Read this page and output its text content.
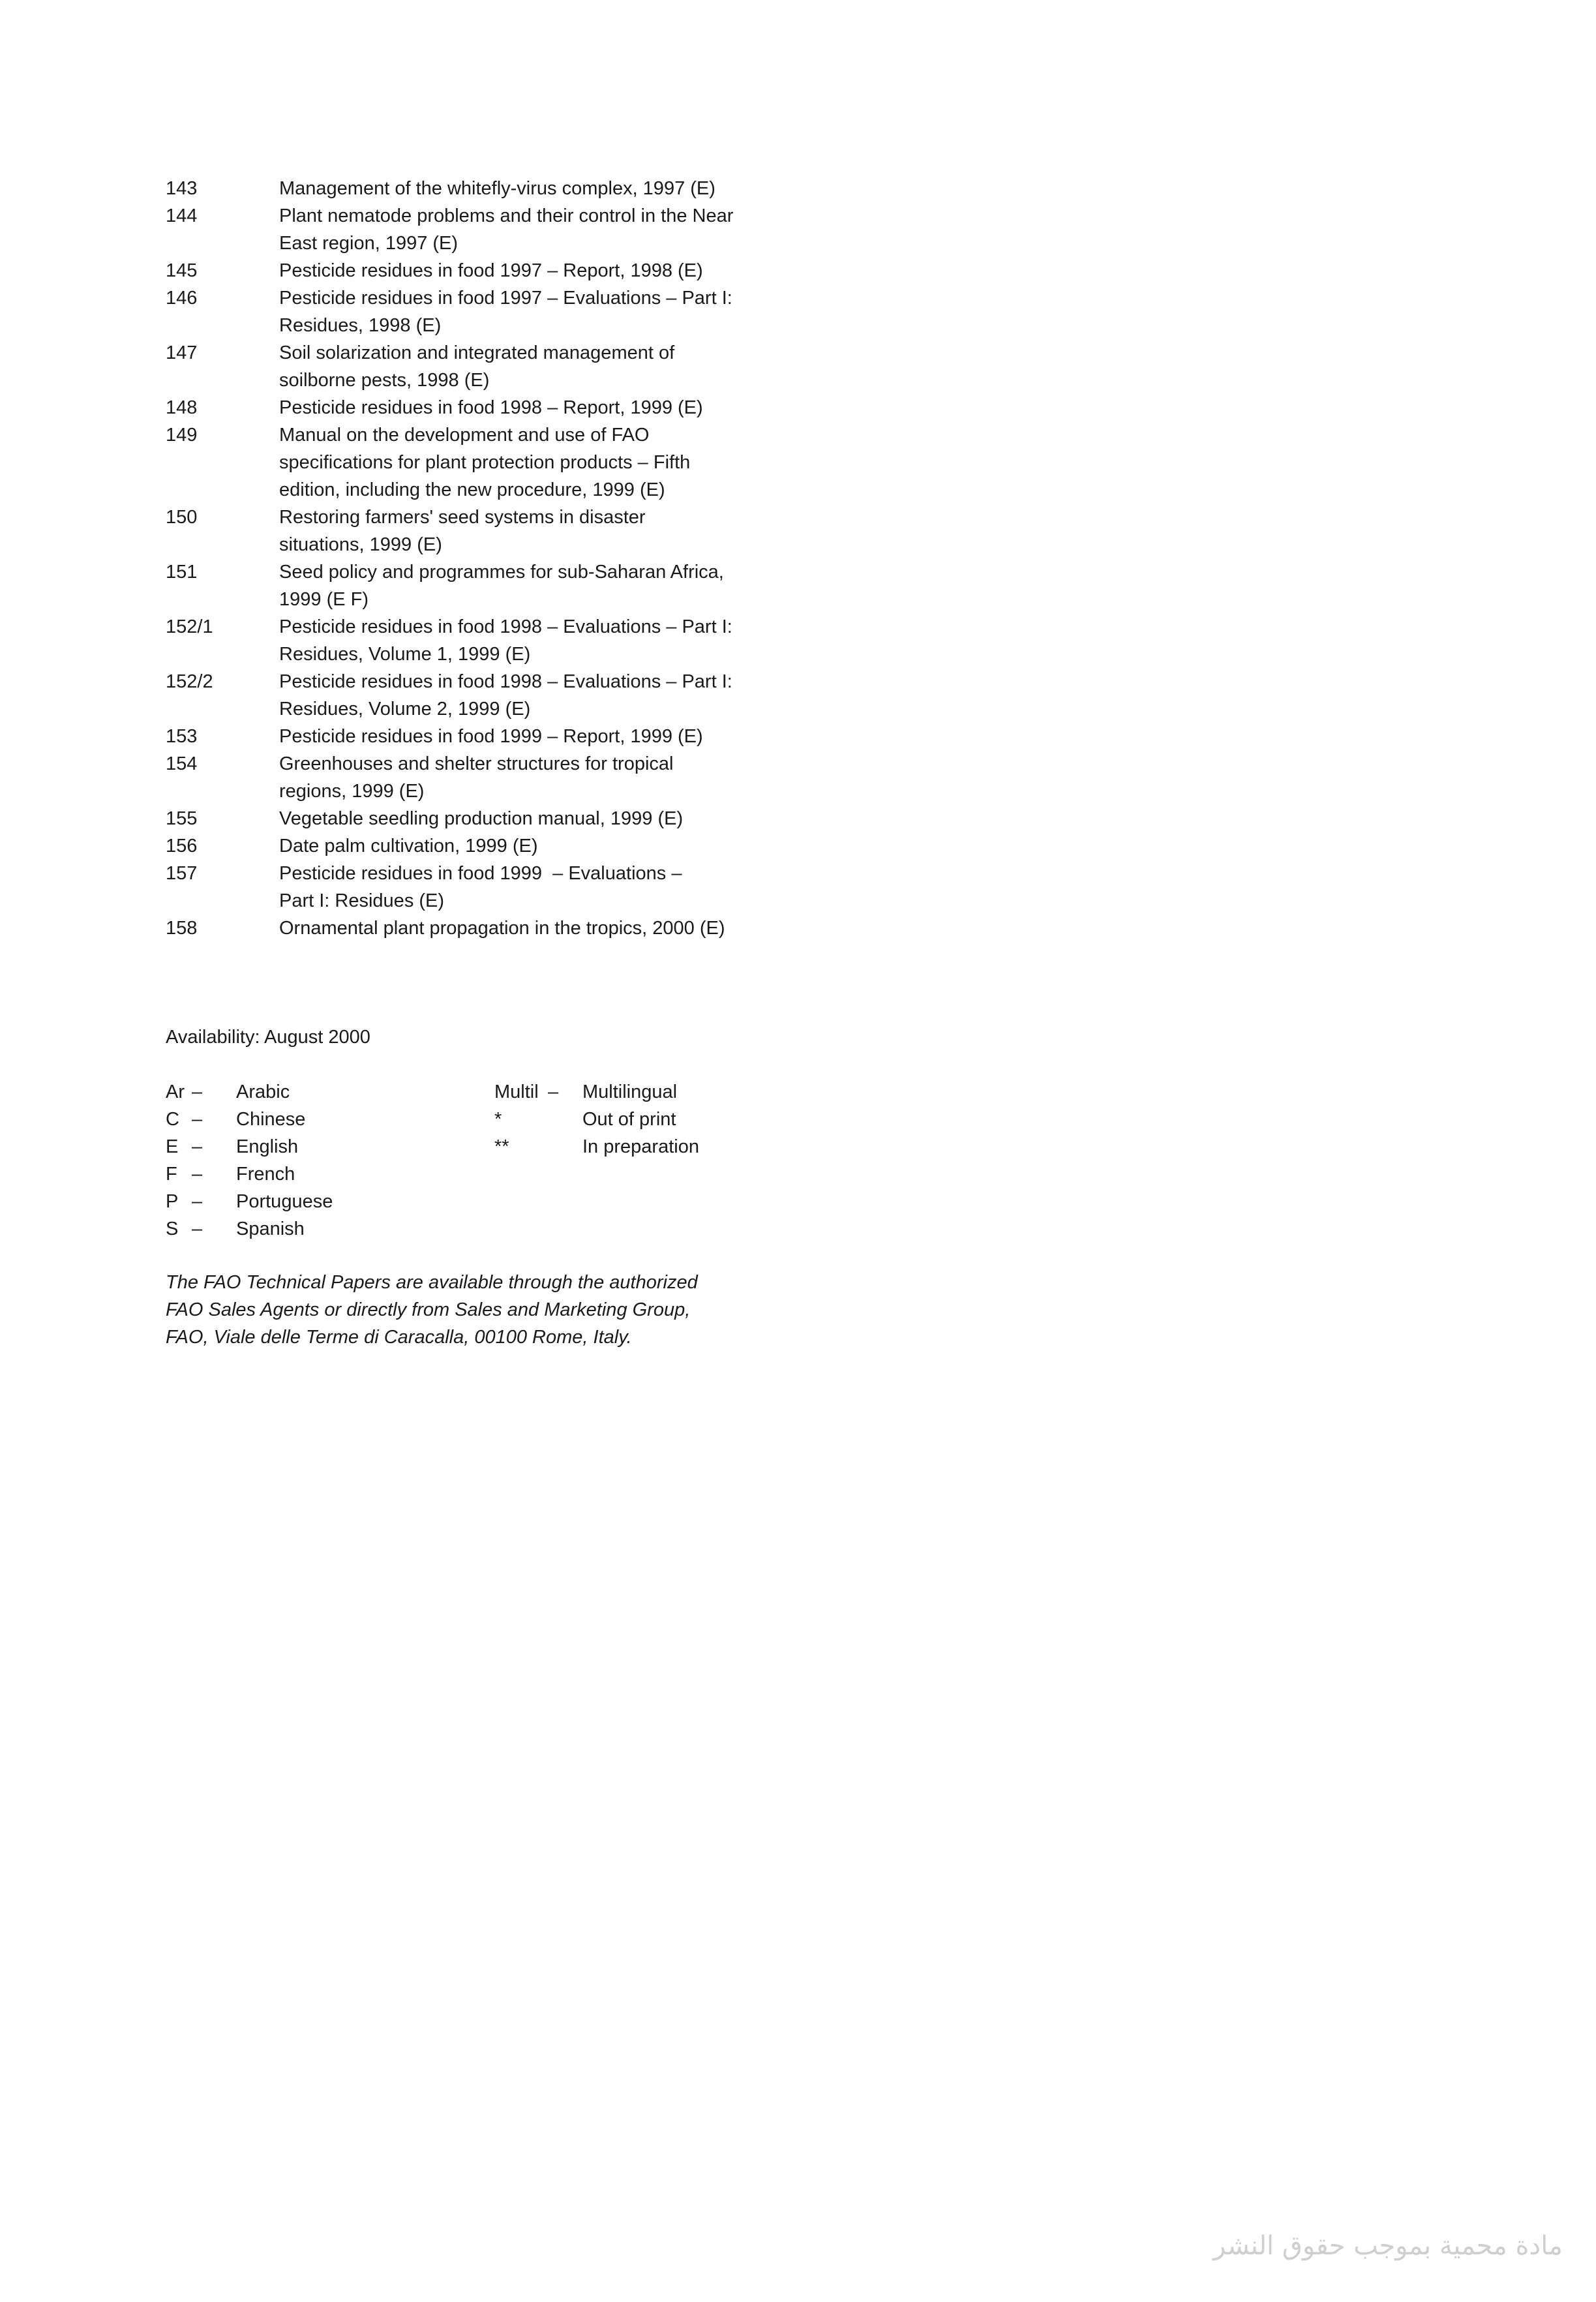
143	Management of the whitefly-virus complex, 1997 (E)
144	Plant nematode problems and their control in the Near
East region, 1997 (E)
145	Pesticide residues in food 1997 – Report, 1998 (E)
146	Pesticide residues in food 1997 – Evaluations – Part I:
Residues, 1998 (E)
147	Soil solarization and integrated management of
soilborne pests, 1998 (E)
148	Pesticide residues in food 1998 – Report, 1999 (E)
149	Manual on the development and use of FAO
specifications for plant protection products – Fifth
edition, including the new procedure, 1999 (E)
150	Restoring farmers' seed systems in disaster
situations, 1999 (E)
151	Seed policy and programmes for sub-Saharan Africa,
1999 (E F)
152/1	Pesticide residues in food 1998 – Evaluations – Part I:
Residues, Volume 1, 1999 (E)
152/2	Pesticide residues in food 1998 – Evaluations – Part I:
Residues, Volume 2, 1999 (E)
153	Pesticide residues in food 1999 – Report, 1999 (E)
154	Greenhouses and shelter structures for tropical
regions, 1999 (E)
155	Vegetable seedling production manual, 1999 (E)
156	Date palm cultivation, 1999 (E)
157	Pesticide residues in food 1999  – Evaluations –
Part I: Residues (E)
158	Ornamental plant propagation in the tropics, 2000 (E)
Availability: August 2000
Ar – Arabic
C – Chinese
E – English
F – French
P – Portuguese
S – Spanish
Multil – Multilingual
*	Out of print
**	In preparation
The FAO Technical Papers are available through the authorized
FAO Sales Agents or directly from Sales and Marketing Group,
FAO, Viale delle Terme di Caracalla, 00100 Rome, Italy.
مادة محمية بموجب حقوق النشر
